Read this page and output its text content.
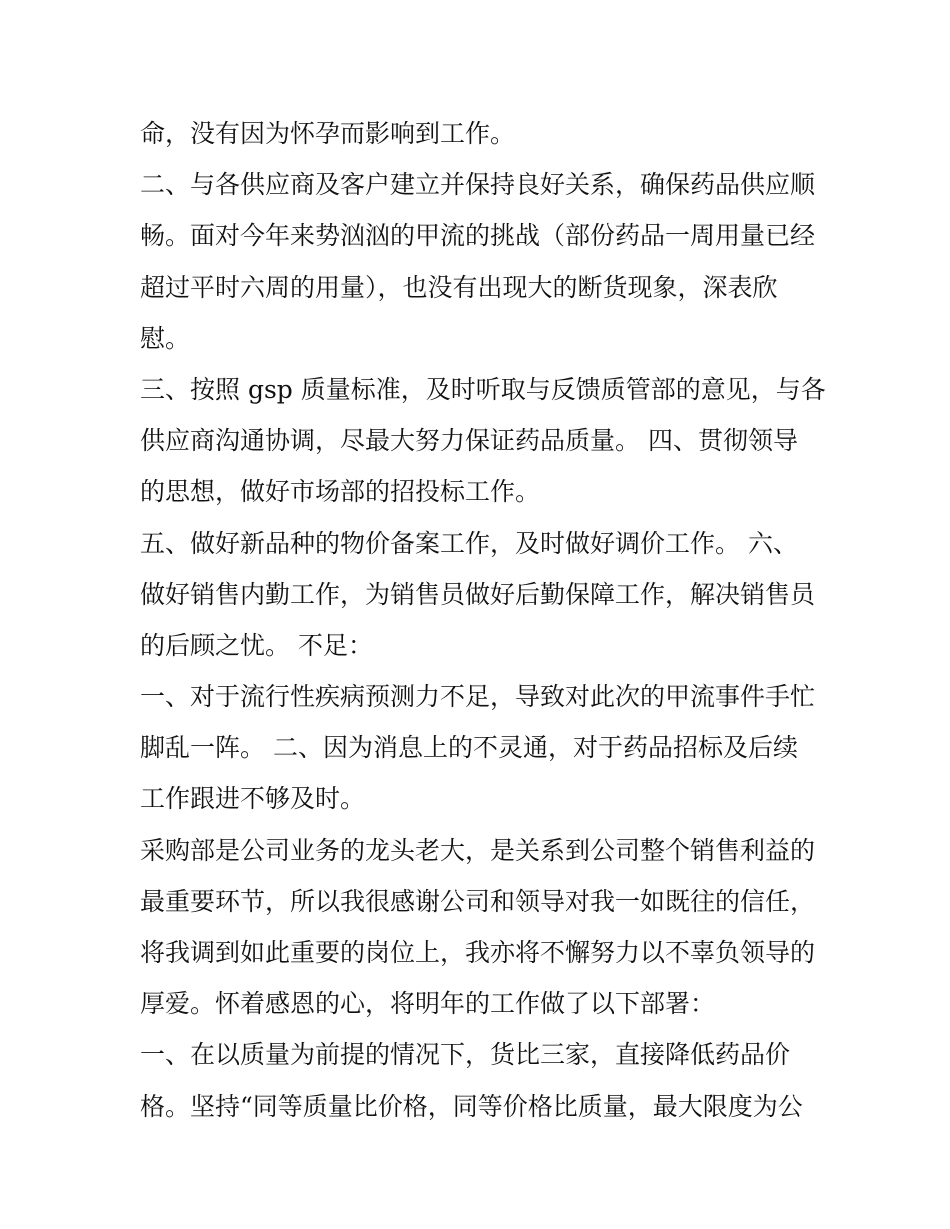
命，没有因为怀孕而影响到工作。
二、与各供应商及客户建立并保持良好关系，确保药品供应顺
畅。面对今年来势汹汹的甲流的挑战（部份药品一周用量已经
超过平时六周的用量），也没有出现大的断货现象，深表欣
慰。
三、按照 gsp 质量标准，及时听取与反馈质管部的意见，与各
供应商沟通协调，尽最大努力保证药品质量。 四、贯彻领导
的思想，做好市场部的招投标工作。
五、做好新品种的物价备案工作，及时做好调价工作。 六、
做好销售内勤工作，为销售员做好后勤保障工作，解决销售员
的后顾之忧。 不足：
一、对于流行性疾病预测力不足，导致对此次的甲流事件手忙
脚乱一阵。 二、因为消息上的不灵通，对于药品招标及后续
工作跟进不够及时。
采购部是公司业务的龙头老大，是关系到公司整个销售利益的
最重要环节，所以我很感谢公司和领导对我一如既往的信任，
将我调到如此重要的岗位上，我亦将不懈努力以不辜负领导的
厚爱。怀着感恩的心，将明年的工作做了以下部署：
一、在以质量为前提的情况下，货比三家，直接降低药品价
格。坚持“同等质量比价格，同等价格比质量，最大限度为公
